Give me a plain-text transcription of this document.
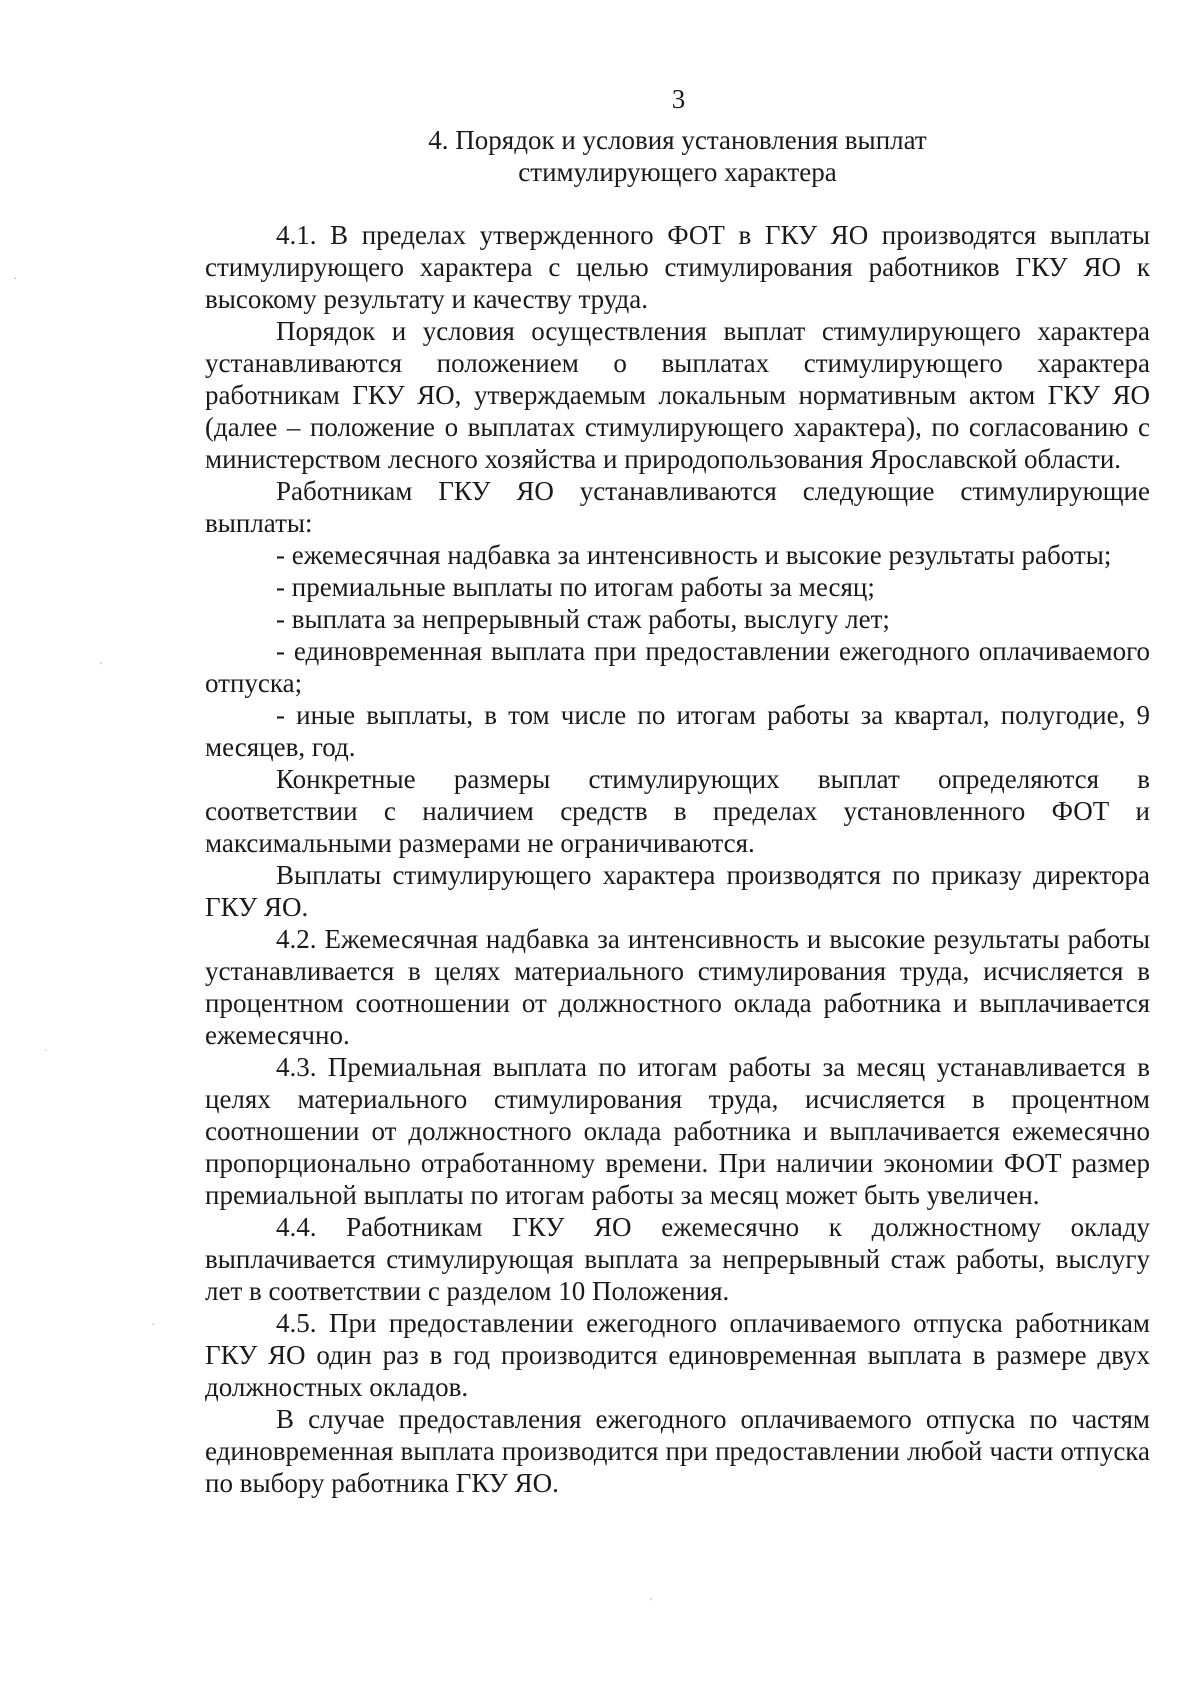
3
4. Порядок и условия установления выплат
стимулирующего характера

4.1. В пределах утвержденного ФОТ в ГКУ ЯО производятся выплаты стимулирующего характера с целью стимулирования работников ГКУ ЯО к высокому результату и качеству труда.

Порядок и условия осуществления выплат стимулирующего характера устанавливаются положением о выплатах стимулирующего характера работникам ГКУ ЯО, утверждаемым локальным нормативным актом ГКУ ЯО (далее – положение о выплатах стимулирующего характера), по согласованию с министерством лесного хозяйства и природопользования Ярославской области.

Работникам ГКУ ЯО устанавливаются следующие стимулирующие выплаты:

- ежемесячная надбавка за интенсивность и высокие результаты работы;

- премиальные выплаты по итогам работы за месяц;

- выплата за непрерывный стаж работы, выслугу лет;

- единовременная выплата при предоставлении ежегодного оплачиваемого отпуска;

- иные выплаты, в том числе по итогам работы за квартал, полугодие, 9 месяцев, год.

Конкретные размеры стимулирующих выплат определяются в соответствии с наличием средств в пределах установленного ФОТ и максимальными размерами не ограничиваются.

Выплаты стимулирующего характера производятся по приказу директора ГКУ ЯО.

4.2. Ежемесячная надбавка за интенсивность и высокие результаты работы устанавливается в целях материального стимулирования труда, исчисляется в процентном соотношении от должностного оклада работника и выплачивается ежемесячно.

4.3. Премиальная выплата по итогам работы за месяц устанавливается в целях материального стимулирования труда, исчисляется в процентном соотношении от должностного оклада работника и выплачивается ежемесячно пропорционально отработанному времени. При наличии экономии ФОТ размер премиальной выплаты по итогам работы за месяц может быть увеличен.

4.4. Работникам ГКУ ЯО ежемесячно к должностному окладу выплачивается стимулирующая выплата за непрерывный стаж работы, выслугу лет в соответствии с разделом 10 Положения.

4.5. При предоставлении ежегодного оплачиваемого отпуска работникам ГКУ ЯО один раз в год производится единовременная выплата в размере двух должностных окладов.

В случае предоставления ежегодного оплачиваемого отпуска по частям единовременная выплата производится при предоставлении любой части отпуска по выбору работника ГКУ ЯО.

.
'
`
.
'
